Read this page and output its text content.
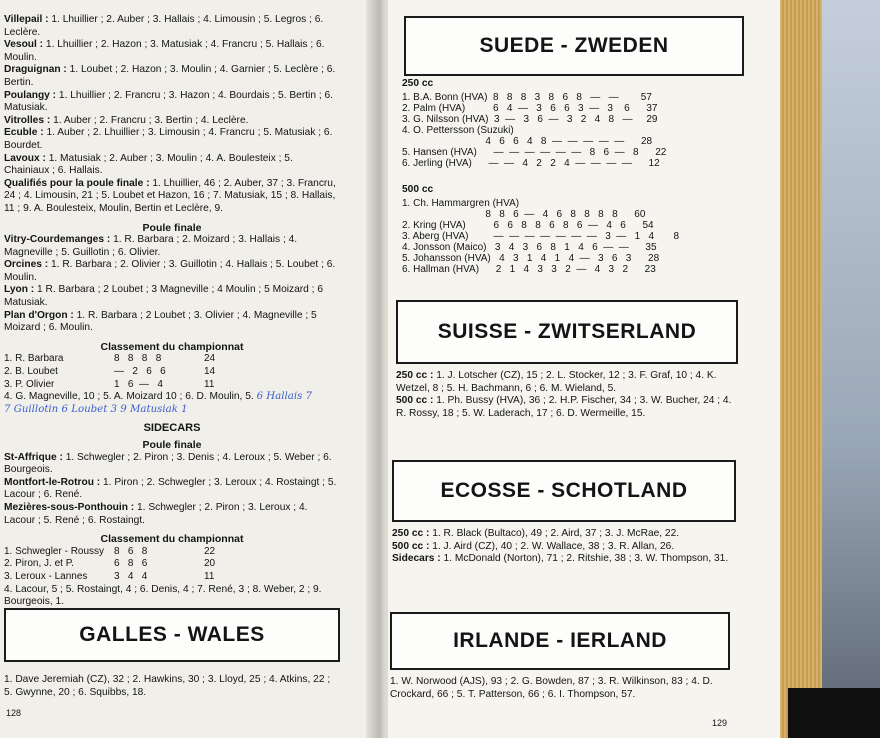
Villepail : 1. Lhuillier ; 2. Auber ; 3. Hallais ; 4. Limousin ; 5. Legros ; 6. Leclère.

Vesoul : 1. Lhuillier ; 2. Hazon ; 3. Matusiak ; 4. Francru ; 5. Hallais ; 6. Moulin.

Draguignan : 1. Loubet ; 2. Hazon ; 3. Moulin ; 4. Garnier ; 5. Leclère ; 6. Bertin.

Poulangy : 1. Lhuillier ; 2. Francru ; 3. Hazon ; 4. Bourdais ; 5. Bertin ; 6. Matusiak.

Vitrolles : 1. Auber ; 2. Francru ; 3. Bertin ; 4. Leclère.

Ecuble : 1. Auber ; 2. Lhuillier ; 3. Limousin ; 4. Francru ; 5. Matusiak ; 6. Bourdet.

Lavoux : 1. Matusiak ; 2. Auber ; 3. Moulin ; 4. A. Boulesteix ; 5. Chainiaux ; 6. Hallais.

Qualifiés pour la poule finale : 1. Lhuillier, 46 ; 2. Auber, 37 ; 3. Francru, 24 ; 4. Limousin, 21 ; 5. Loubet et Hazon, 16 ; 7. Matusiak, 15 ; 8. Hallais, 11 ; 9. A. Boulesteix, Moulin, Bertin et Leclère, 9.

Poule finale

Vitry-Courdemanges : 1. R. Barbara ; 2. Moizard ; 3. Hallais ; 4. Magneville ; 5. Guillotin ; 6. Olivier.

Orcines : 1. R. Barbara ; 2. Olivier ; 3. Guillotin ; 4. Hallais ; 5. Loubet ; 6. Moulin.

Lyon : 1 R. Barbara ; 2 Loubet ; 3 Magneville ; 4 Moulin ; 5 Moizard ; 6 Matusiak.

Plan d'Orgon : 1. R. Barbara ; 2 Loubet ; 3. Olivier ; 4. Magneville ; 5 Moizard ; 6. Moulin.

Classement du championnat

1. R. Barbara	8   8   8   8	24
2. B. Loubet	—   2   6   6	14
3. P. Olivier	1   6  —   4	11

4. G. Magneville, 10 ; 5. A. Moizard 10 ; 6. D. Moulin, 5. 6 Hallais 7

7 Guillotin 6 Loubet 3 9 Matusiak 1

SIDECARS

Poule finale

St-Affrique : 1. Schwegler ; 2. Piron ; 3. Denis ; 4. Leroux ; 5. Weber ; 6. Bourgeois.

Montfort-le-Rotrou : 1. Piron ; 2. Schwegler ; 3. Leroux ; 4. Rostaingt ; 5. Lacour ; 6. René.

Mezières-sous-Ponthouin : 1. Schwegler ; 2. Piron ; 3. Leroux ; 4. Lacour ; 5. René ; 6. Rostaingt.

Classement du championnat

1. Schwegler - Roussy	8   6   8	22
2. Piron, J. et P.	6   8   6	20
3. Leroux - Lannes	3   4   4	11

4. Lacour, 5 ; 5. Rostaingt, 4 ; 6. Denis, 4 ; 7. René, 3 ; 8. Weber, 2 ; 9. Bourgeois, 1.

GALLES - WALES

1. Dave Jeremiah (CZ), 32 ; 2. Hawkins, 30 ; 3. Lloyd, 25 ; 4. Atkins, 22 ; 5. Gwynne, 20 ; 6. Squibbs, 18.

128
SUEDE - ZWEDEN
250 cc
1. B.A. Bonn (HVA)  8   8   8   3   8   6   8   —   —        57
2. Palm (HVA)          6   4  —   3   6   6   3  —   3    6      37
3. G. Nilsson (HVA)  3  —   3   6  —   3   2   4   8   —     29
4. O. Pettersson (Suzuki)
4   6   6   4   8  —  —  —  —  —      28
5. Hansen (HVA)      —  —  —  —  —  —   8   6  —   8      22
6. Jerling (HVA)      —  —   4   2   2   4  —  —  —  —      12
500 cc
1. Ch. Hammargren (HVA)
8   8   6  —   4   6   8   8   8   8      60
2. Kring (HVA)          6   6   8   8   6   8   6  —   4   6      54
3. Aberg (HVA)         —  —  —  —  —  —  —   3  —   1   4       8
4. Jonsson (Maico)   3   4   3   6   8   1   4   6  —  —      35
5. Johansson (HVA)   4   3   1   4   1   4  —   3   6   3      28
6. Hallman (HVA)      2   1   4   3   3   2  —   4   3   2      23
SUISSE - ZWITSERLAND

250 cc : 1. J. Lotscher (CZ), 15 ; 2. L. Stocker, 12 ; 3. F. Graf, 10 ; 4. K. Wetzel, 8 ; 5. H. Bachmann, 6 ; 6. M. Wieland, 5.

500 cc : 1. Ph. Bussy (HVA), 36 ; 2. H.P. Fischer, 34 ; 3. W. Bucher, 24 ; 4. R. Rossy, 18 ; 5. W. Laderach, 17 ; 6. D. Wermeille, 15.

ECOSSE - SCHOTLAND

250 cc : 1. R. Black (Bultaco), 49 ; 2. Aird, 37 ; 3. J. McRae, 22.

500 cc : 1. J. Aird (CZ), 40 ; 2. W. Wallace, 38 ; 3. R. Allan, 26.

Sidecars : 1. McDonald (Norton), 71 ; 2. Ritshie, 38 ; 3. W. Thompson, 31.

IRLANDE - IERLAND

1. W. Norwood (AJS), 93 ; 2. G. Bowden, 87 ; 3. R. Wilkinson, 83 ; 4. D. Crockard, 66 ; 5. T. Patterson, 66 ; 6. I. Thompson, 57.

129
